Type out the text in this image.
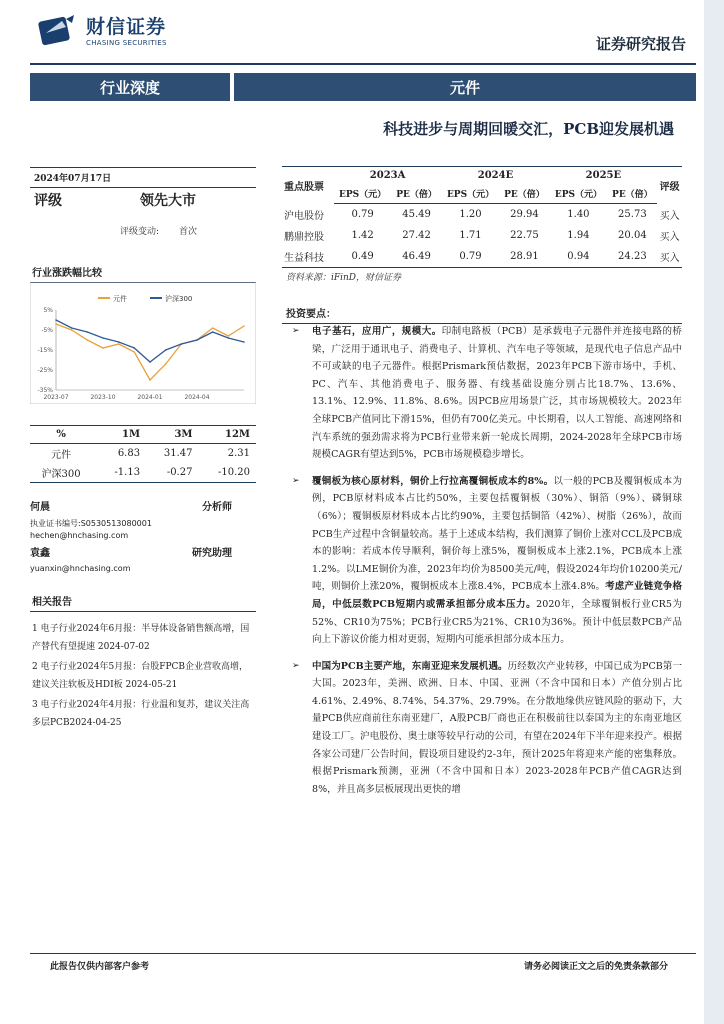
财信证券
CHASING SECURITIES	证券研究报告
行业深度	元件
科技进步与周期回暖交汇，PCB迎发展机遇
2024年07月17日
评级	领先大市
评级变动: 首次
行业涨跌幅比较
元件	沪深300
5%
-5%
-15%
-25%
-35%
2023-07	2023-10	2024-01	2024-04
%	1M	3M	12M
元件	6.83	31.47	2.31
沪深300	-1.13	-0.27	-10.20
何晨	分析师
执业证书编号:S0530513080001
hechen@hnchasing.com
袁鑫	研究助理
yuanxin@hnchasing.com
相关报告
1 电子行业2024年6月报：半导体设备销售额高增，国产替代有望提速 2024-07-02
2 电子行业2024年5月报：台股FPCB企业营收高增，建议关注软板及HDI板 2024-05-21
3 电子行业2024年4月报：行业温和复苏，建议关注高多层PCB2024-04-25
重点股票	2023A		2024E		2025E		评级
	EPS（元）	PE（倍）	EPS（元）	PE（倍）	EPS（元）	PE（倍）	
沪电股份	0.79	45.49	1.20	29.94	1.40	25.73	买入
鹏鼎控股	1.42	27.42	1.71	22.75	1.94	20.04	买入
生益科技	0.49	46.49	0.79	28.91	0.94	24.23	买入
资料来源：iFinD，财信证券
投资要点：
➢ 电子基石，应用广，规模大。印制电路板（PCB）是承载电子元器件并连接电路的桥梁，广泛用于通讯电子、消费电子、计算机、汽车电子等领域，是现代电子信息产品中不可或缺的电子元器件。根据Prismark预估数据，2023年PCB下游市场中，手机、PC、汽车、其他消费电子、服务器、有线基础设施分别占比18.7%、13.6%、13.1%、12.9%、11.8%、8.6%。因PCB应用场景广泛，其市场规模较大。2023年全球PCB产值同比下滑15%，但仍有700亿美元。中长期看，以人工智能、高速网络和汽车系统的强劲需求将为PCB行业带来新一轮成长周期，2024-2028年全球PCB市场规模CAGR有望达到5%，PCB市场规模稳步增长。
➢ 覆铜板为核心原材料，铜价上行拉高覆铜板成本约8%。以一般的PCB及覆铜板成本为例，PCB原材料成本占比约50%，主要包括覆铜板（30%）、铜箔（9%）、磷铜球（6%）；覆铜板原材料成本占比约90%，主要包括铜箔（42%）、树脂（26%），故而PCB生产过程中含铜量较高。基于上述成本结构，我们测算了铜价上涨对CCL及PCB成本的影响：若成本传导顺利，铜价每上涨5%，覆铜板成本上涨2.1%，PCB成本上涨1.2%。以LME铜价为准，2023年均价为8500美元/吨，假设2024年均价10200美元/吨，则铜价上涨20%，覆铜板成本上涨8.4%，PCB成本上涨4.8%。考虑产业链竞争格局，中低层数PCB短期内或需承担部分成本压力。2020年，全球覆铜板行业CR5为52%、CR10为75%；PCB行业CR5为21%、CR10为36%。预计中低层数PCB产品向上下游议价能力相对更弱，短期内可能承担部分成本压力。
➢ 中国为PCB主要产地，东南亚迎来发展机遇。历经数次产业转移，中国已成为PCB第一大国。2023年，美洲、欧洲、日本、中国、亚洲（不含中国和日本）产值分别占比4.61%、2.49%、8.74%、54.37%、29.79%。在分散地缘供应链风险的驱动下，大量PCB供应商前往东南亚建厂，A股PCB厂商也正在积极前往以泰国为主的东南亚地区建设工厂。沪电股份、奥士康等较早行动的公司，有望在2024年下半年迎来投产。根据各家公司建厂公告时间，假设项目建设约2-3年，预计2025年将迎来产能的密集释放。根据Prismark预测，亚洲（不含中国和日本）2023-2028年PCB产值CAGR达到8%，并且高多层板展现出更快的增
此报告仅供内部客户参考	请务必阅读正文之后的免责条款部分
